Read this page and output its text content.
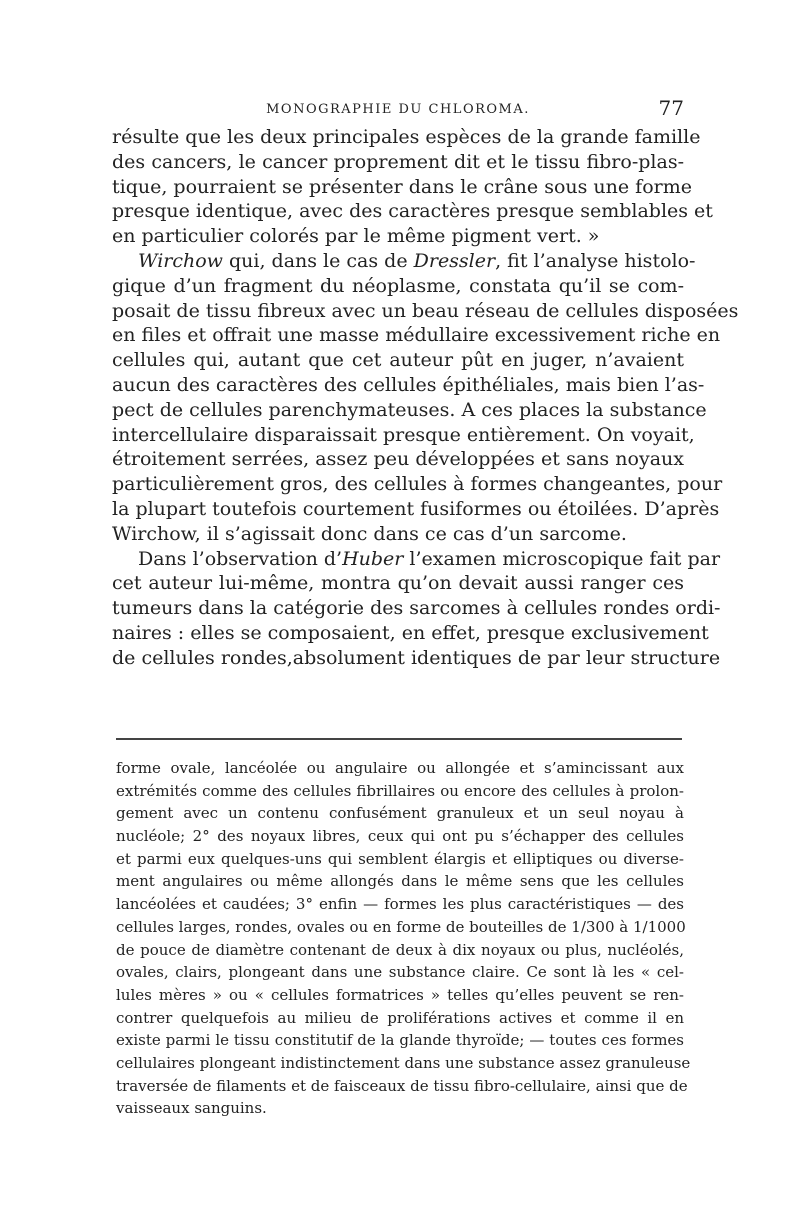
MONOGRAPHIE DU CHLOROMA.	77
résulte que les deux principales espèces de la grande famille
des cancers, le cancer proprement dit et le tissu fibro-plas-
tique, pourraient se présenter dans le crâne sous une forme
presque identique, avec des caractères presque semblables et
en particulier colorés par le même pigment vert. »
Wirchow qui, dans le cas de Dressler, fit l’analyse histolo-
gique d’un fragment du néoplasme, constata qu’il se com-
posait de tissu fibreux avec un beau réseau de cellules disposées
en files et offrait une masse médullaire excessivement riche en
cellules qui, autant que cet auteur pût en juger, n’avaient
aucun des caractères des cellules épithéliales, mais bien l’as-
pect de cellules parenchymateuses. A ces places la substance
intercellulaire disparaissait presque entièrement. On voyait,
étroitement serrées, assez peu développées et sans noyaux
particulièrement gros, des cellules à formes changeantes, pour
la plupart toutefois courtement fusiformes ou étoilées. D’après
Wirchow, il s’agissait donc dans ce cas d’un sarcome.
Dans l’observation d’Huber l’examen microscopique fait par
cet auteur lui-même, montra qu’on devait aussi ranger ces
tumeurs dans la catégorie des sarcomes à cellules rondes ordi-
naires : elles se composaient, en effet, presque exclusivement
de cellules rondes,absolument identiques de par leur structure
forme ovale, lancéolée ou angulaire ou allongée et s’amincissant aux
extrémités comme des cellules fibrillaires ou encore des cellules à prolon-
gement avec un contenu confusément granuleux et un seul noyau à
nucléole; 2° des noyaux libres, ceux qui ont pu s’échapper des cellules
et parmi eux quelques-uns qui semblent élargis et elliptiques ou diverse-
ment angulaires ou même allongés dans le même sens que les cellules
lancéolées et caudées; 3° enfin — formes les plus caractéristiques — des
cellules larges, rondes, ovales ou en forme de bouteilles de 1/300 à 1/1000
de pouce de diamètre contenant de deux à dix noyaux ou plus, nucléolés,
ovales, clairs, plongeant dans une substance claire. Ce sont là les « cel-
lules mères » ou « cellules formatrices » telles qu’elles peuvent se ren-
contrer quelquefois au milieu de proliférations actives et comme il en
existe parmi le tissu constitutif de la glande thyroïde; — toutes ces formes
cellulaires plongeant indistinctement dans une substance assez granuleuse
traversée de filaments et de faisceaux de tissu fibro-cellulaire, ainsi que de
vaisseaux sanguins.
